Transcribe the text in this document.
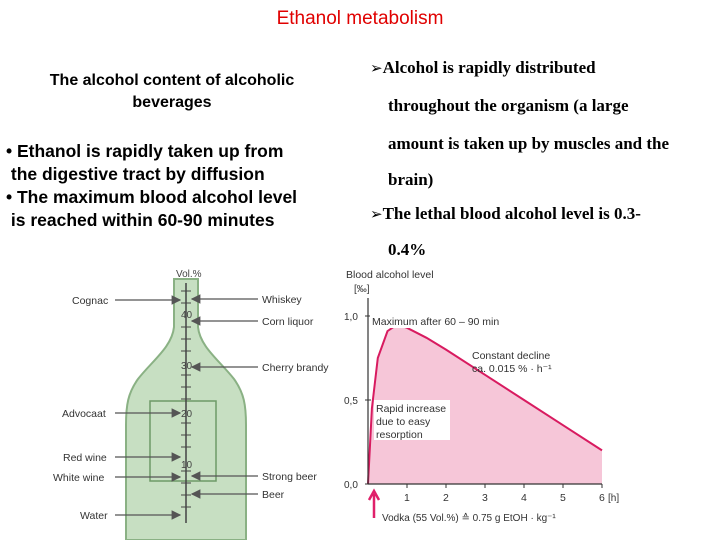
Ethanol metabolism
The alcohol content of alcoholic
beverages
• Ethanol is rapidly taken up from
the digestive tract by diffusion
• The maximum blood alcohol level
is reached within 60-90 minutes
➢Alcohol is rapidly distributed
throughout the organism (a large
amount is taken up by muscles and the
brain)
➢The lethal blood alcohol level is 0.3-
0.4%
Vol.%
40
30
20
10
Cognac
Advocaat
Red wine
White wine
Water
Whiskey
Corn liquor
Cherry brandy
Strong beer
Beer
Blood alcohol level
[‰]
1,0
0,5
0,0
1	2	3	4	5	6 [h]
Maximum after 60 – 90 min
Constant decline
ca. 0.015 % · h⁻¹
Rapid increase
due to easy
resorption
Vodka (55 Vol.%) ≙ 0.75 g EtOH · kg⁻¹
